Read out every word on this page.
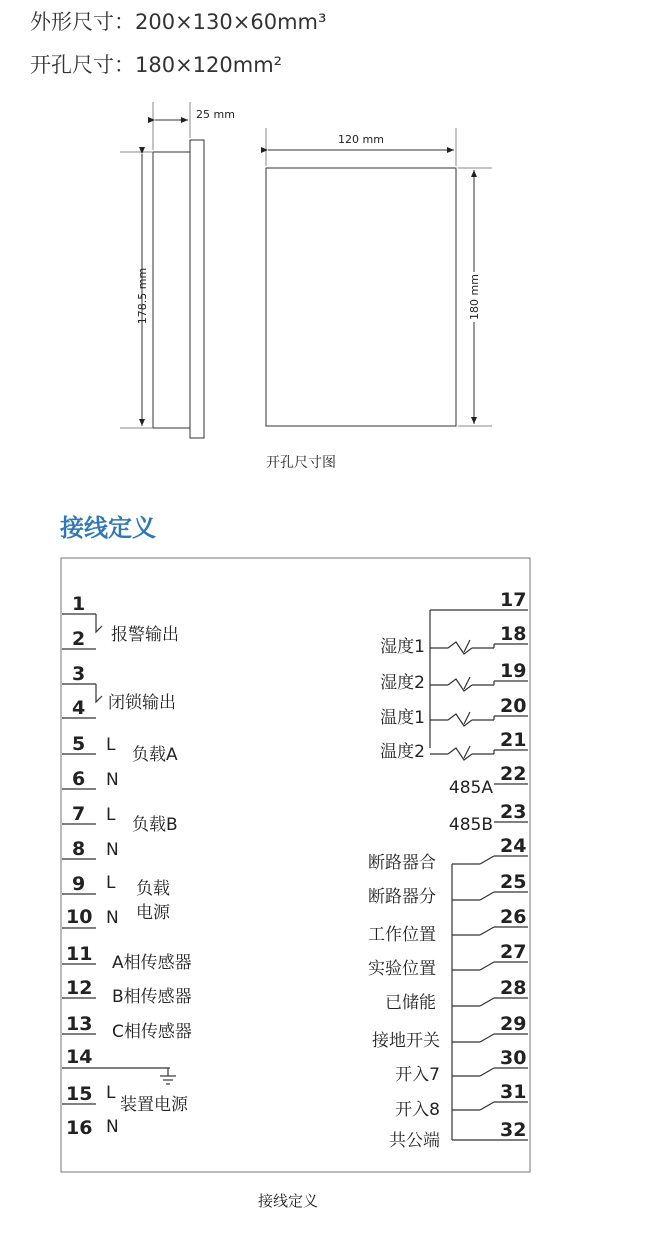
外形尺寸：200×130×60mm³
开孔尺寸：180×120mm²
25 mm
178.5 mm
120 mm
180 mm
开孔尺寸图
接线定义
1
2
3
4
5
6
7
8
9
10
11
12
13
14
15
16
报警输出
闭锁输出
L 负载A
N
L 负载B
N
L 负载
电源
N
A相传感器
B相传感器
C相传感器
L
装置电源
N
17
18
19
20
21
22
23
24
25
26
27
28
29
30
31
32
湿度1
湿度2
温度1
温度2
485A
485B
断路器合
断路器分
工作位置
实验位置
已储能
接地开关
开入7
开入8
共公端
接线定义
